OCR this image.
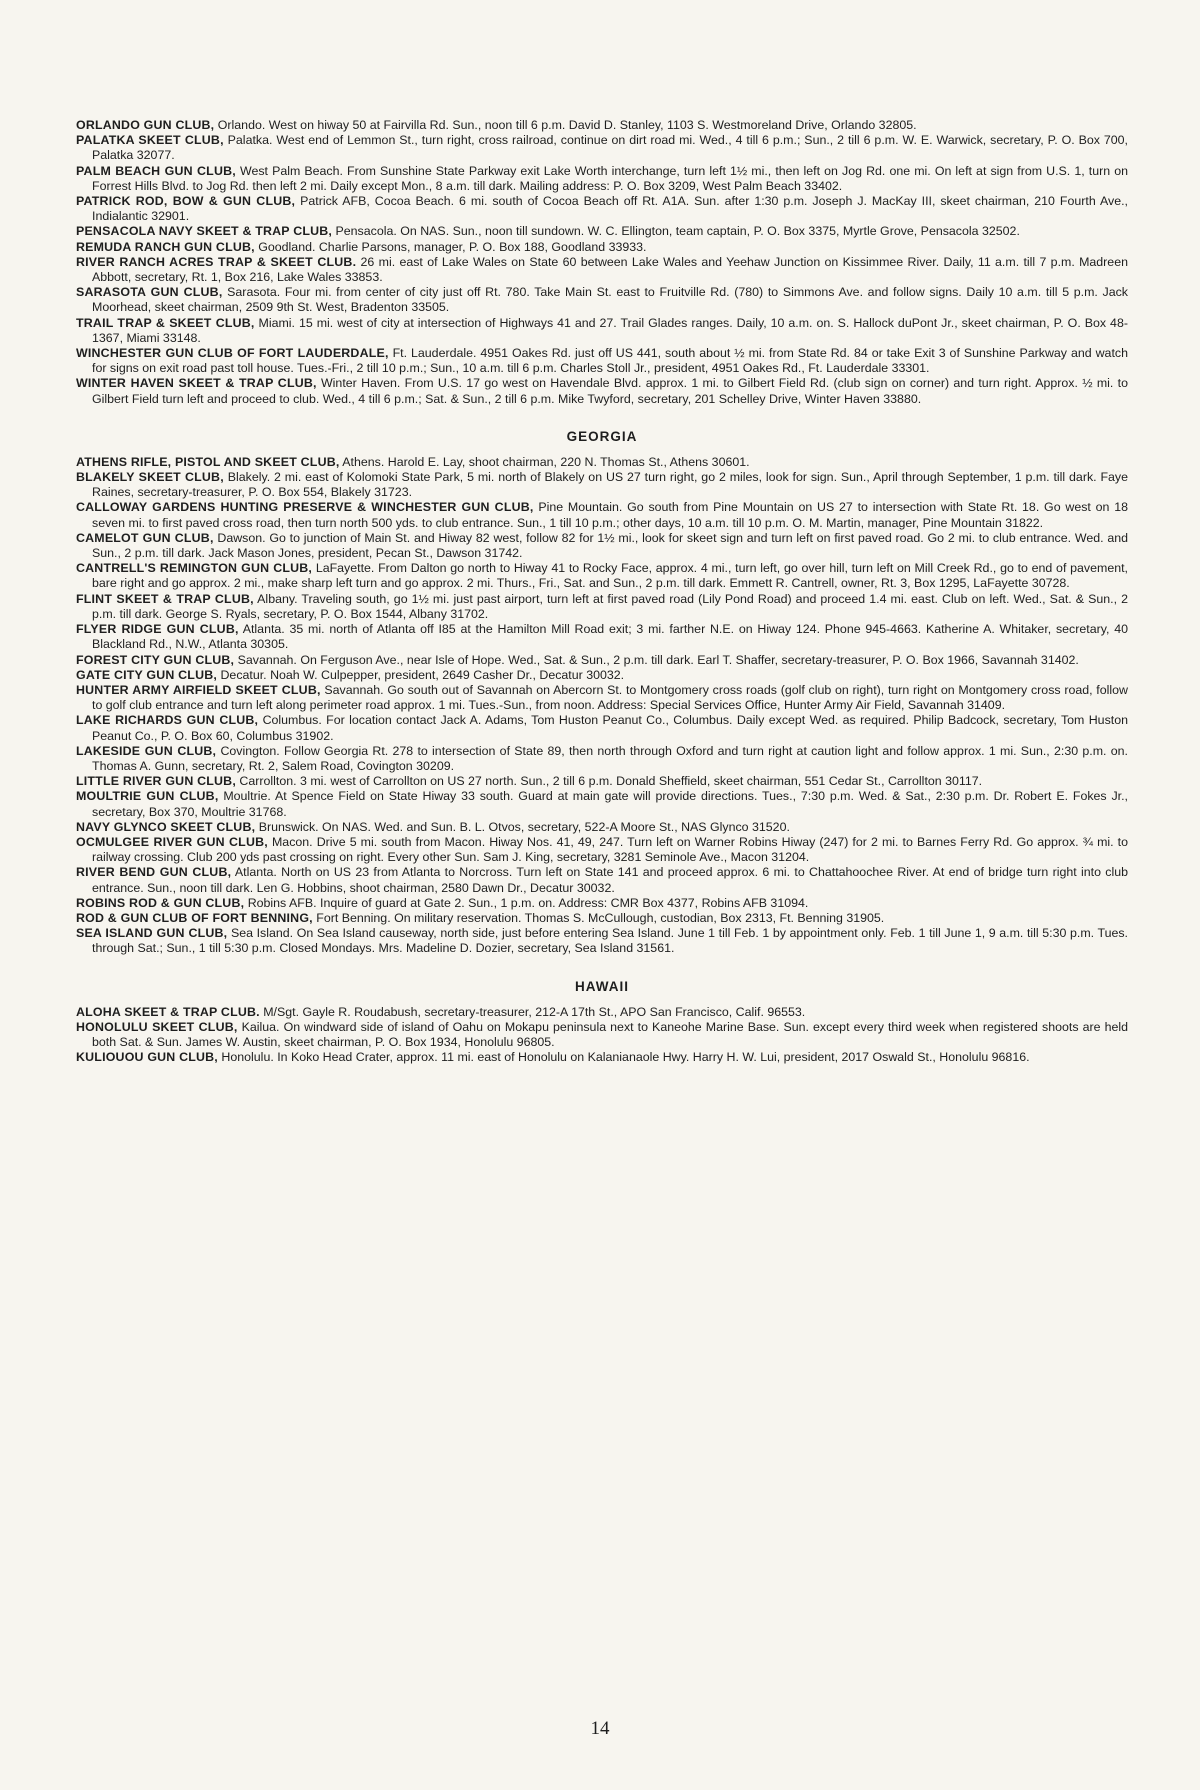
ORLANDO GUN CLUB, Orlando. West on hiway 50 at Fairvilla Rd. Sun., noon till 6 p.m. David D. Stanley, 1103 S. Westmoreland Drive, Orlando 32805.

PALATKA SKEET CLUB, Palatka. West end of Lemmon St., turn right, cross railroad, continue on dirt road mi. Wed., 4 till 6 p.m.; Sun., 2 till 6 p.m. W. E. Warwick, secretary, P. O. Box 700, Palatka 32077.

PALM BEACH GUN CLUB, West Palm Beach. From Sunshine State Parkway exit Lake Worth interchange, turn left 1½ mi., then left on Jog Rd. one mi. On left at sign from U.S. 1, turn on Forrest Hills Blvd. to Jog Rd. then left 2 mi. Daily except Mon., 8 a.m. till dark. Mailing address: P. O. Box 3209, West Palm Beach 33402.

PATRICK ROD, BOW & GUN CLUB, Patrick AFB, Cocoa Beach. 6 mi. south of Cocoa Beach off Rt. A1A. Sun. after 1:30 p.m. Joseph J. MacKay III, skeet chairman, 210 Fourth Ave., Indialantic 32901.

PENSACOLA NAVY SKEET & TRAP CLUB, Pensacola. On NAS. Sun., noon till sundown. W. C. Ellington, team captain, P. O. Box 3375, Myrtle Grove, Pensacola 32502.

REMUDA RANCH GUN CLUB, Goodland. Charlie Parsons, manager, P. O. Box 188, Goodland 33933.

RIVER RANCH ACRES TRAP & SKEET CLUB. 26 mi. east of Lake Wales on State 60 between Lake Wales and Yeehaw Junction on Kissimmee River. Daily, 11 a.m. till 7 p.m. Madreen Abbott, secretary, Rt. 1, Box 216, Lake Wales 33853.

SARASOTA GUN CLUB, Sarasota. Four mi. from center of city just off Rt. 780. Take Main St. east to Fruitville Rd. (780) to Simmons Ave. and follow signs. Daily 10 a.m. till 5 p.m. Jack Moorhead, skeet chairman, 2509 9th St. West, Bradenton 33505.

TRAIL TRAP & SKEET CLUB, Miami. 15 mi. west of city at intersection of Highways 41 and 27. Trail Glades ranges. Daily, 10 a.m. on. S. Hallock duPont Jr., skeet chairman, P. O. Box 48-1367, Miami 33148.

WINCHESTER GUN CLUB OF FORT LAUDERDALE, Ft. Lauderdale. 4951 Oakes Rd. just off US 441, south about ½ mi. from State Rd. 84 or take Exit 3 of Sunshine Parkway and watch for signs on exit road past toll house. Tues.-Fri., 2 till 10 p.m.; Sun., 10 a.m. till 6 p.m. Charles Stoll Jr., president, 4951 Oakes Rd., Ft. Lauderdale 33301.

WINTER HAVEN SKEET & TRAP CLUB, Winter Haven. From U.S. 17 go west on Havendale Blvd. approx. 1 mi. to Gilbert Field Rd. (club sign on corner) and turn right. Approx. ½ mi. to Gilbert Field turn left and proceed to club. Wed., 4 till 6 p.m.; Sat. & Sun., 2 till 6 p.m. Mike Twyford, secretary, 201 Schelley Drive, Winter Haven 33880.

GEORGIA

ATHENS RIFLE, PISTOL AND SKEET CLUB, Athens. Harold E. Lay, shoot chairman, 220 N. Thomas St., Athens 30601.

BLAKELY SKEET CLUB, Blakely. 2 mi. east of Kolomoki State Park, 5 mi. north of Blakely on US 27 turn right, go 2 miles, look for sign. Sun., April through September, 1 p.m. till dark. Faye Raines, secretary-treasurer, P. O. Box 554, Blakely 31723.

CALLOWAY GARDENS HUNTING PRESERVE & WINCHESTER GUN CLUB, Pine Mountain. Go south from Pine Mountain on US 27 to intersection with State Rt. 18. Go west on 18 seven mi. to first paved cross road, then turn north 500 yds. to club entrance. Sun., 1 till 10 p.m.; other days, 10 a.m. till 10 p.m. O. M. Martin, manager, Pine Mountain 31822.

CAMELOT GUN CLUB, Dawson. Go to junction of Main St. and Hiway 82 west, follow 82 for 1½ mi., look for skeet sign and turn left on first paved road. Go 2 mi. to club entrance. Wed. and Sun., 2 p.m. till dark. Jack Mason Jones, president, Pecan St., Dawson 31742.

CANTRELL'S REMINGTON GUN CLUB, LaFayette. From Dalton go north to Hiway 41 to Rocky Face, approx. 4 mi., turn left, go over hill, turn left on Mill Creek Rd., go to end of pavement, bare right and go approx. 2 mi., make sharp left turn and go approx. 2 mi. Thurs., Fri., Sat. and Sun., 2 p.m. till dark. Emmett R. Cantrell, owner, Rt. 3, Box 1295, LaFayette 30728.

FLINT SKEET & TRAP CLUB, Albany. Traveling south, go 1½ mi. just past airport, turn left at first paved road (Lily Pond Road) and proceed 1.4 mi. east. Club on left. Wed., Sat. & Sun., 2 p.m. till dark. George S. Ryals, secretary, P. O. Box 1544, Albany 31702.

FLYER RIDGE GUN CLUB, Atlanta. 35 mi. north of Atlanta off I85 at the Hamilton Mill Road exit; 3 mi. farther N.E. on Hiway 124. Phone 945-4663. Katherine A. Whitaker, secretary, 40 Blackland Rd., N.W., Atlanta 30305.

FOREST CITY GUN CLUB, Savannah. On Ferguson Ave., near Isle of Hope. Wed., Sat. & Sun., 2 p.m. till dark. Earl T. Shaffer, secretary-treasurer, P. O. Box 1966, Savannah 31402.

GATE CITY GUN CLUB, Decatur. Noah W. Culpepper, president, 2649 Casher Dr., Decatur 30032.

HUNTER ARMY AIRFIELD SKEET CLUB, Savannah. Go south out of Savannah on Abercorn St. to Montgomery cross roads (golf club on right), turn right on Montgomery cross road, follow to golf club entrance and turn left along perimeter road approx. 1 mi. Tues.-Sun., from noon. Address: Special Services Office, Hunter Army Air Field, Savannah 31409.

LAKE RICHARDS GUN CLUB, Columbus. For location contact Jack A. Adams, Tom Huston Peanut Co., Columbus. Daily except Wed. as required. Philip Badcock, secretary, Tom Huston Peanut Co., P. O. Box 60, Columbus 31902.

LAKESIDE GUN CLUB, Covington. Follow Georgia Rt. 278 to intersection of State 89, then north through Oxford and turn right at caution light and follow approx. 1 mi. Sun., 2:30 p.m. on. Thomas A. Gunn, secretary, Rt. 2, Salem Road, Covington 30209.

LITTLE RIVER GUN CLUB, Carrollton. 3 mi. west of Carrollton on US 27 north. Sun., 2 till 6 p.m. Donald Sheffield, skeet chairman, 551 Cedar St., Carrollton 30117.

MOULTRIE GUN CLUB, Moultrie. At Spence Field on State Hiway 33 south. Guard at main gate will provide directions. Tues., 7:30 p.m. Wed. & Sat., 2:30 p.m. Dr. Robert E. Fokes Jr., secretary, Box 370, Moultrie 31768.

NAVY GLYNCO SKEET CLUB, Brunswick. On NAS. Wed. and Sun. B. L. Otvos, secretary, 522-A Moore St., NAS Glynco 31520.

OCMULGEE RIVER GUN CLUB, Macon. Drive 5 mi. south from Macon. Hiway Nos. 41, 49, 247. Turn left on Warner Robins Hiway (247) for 2 mi. to Barnes Ferry Rd. Go approx. ¾ mi. to railway crossing. Club 200 yds past crossing on right. Every other Sun. Sam J. King, secretary, 3281 Seminole Ave., Macon 31204.

RIVER BEND GUN CLUB, Atlanta. North on US 23 from Atlanta to Norcross. Turn left on State 141 and proceed approx. 6 mi. to Chattahoochee River. At end of bridge turn right into club entrance. Sun., noon till dark. Len G. Hobbins, shoot chairman, 2580 Dawn Dr., Decatur 30032.

ROBINS ROD & GUN CLUB, Robins AFB. Inquire of guard at Gate 2. Sun., 1 p.m. on. Address: CMR Box 4377, Robins AFB 31094.

ROD & GUN CLUB OF FORT BENNING, Fort Benning. On military reservation. Thomas S. McCullough, custodian, Box 2313, Ft. Benning 31905.

SEA ISLAND GUN CLUB, Sea Island. On Sea Island causeway, north side, just before entering Sea Island. June 1 till Feb. 1 by appointment only. Feb. 1 till June 1, 9 a.m. till 5:30 p.m. Tues. through Sat.; Sun., 1 till 5:30 p.m. Closed Mondays. Mrs. Madeline D. Dozier, secretary, Sea Island 31561.

HAWAII

ALOHA SKEET & TRAP CLUB. M/Sgt. Gayle R. Roudabush, secretary-treasurer, 212-A 17th St., APO San Francisco, Calif. 96553.

HONOLULU SKEET CLUB, Kailua. On windward side of island of Oahu on Mokapu peninsula next to Kaneohe Marine Base. Sun. except every third week when registered shoots are held both Sat. & Sun. James W. Austin, skeet chairman, P. O. Box 1934, Honolulu 96805.

KULIOUOU GUN CLUB, Honolulu. In Koko Head Crater, approx. 11 mi. east of Honolulu on Kalanianaole Hwy. Harry H. W. Lui, president, 2017 Oswald St., Honolulu 96816.

14
